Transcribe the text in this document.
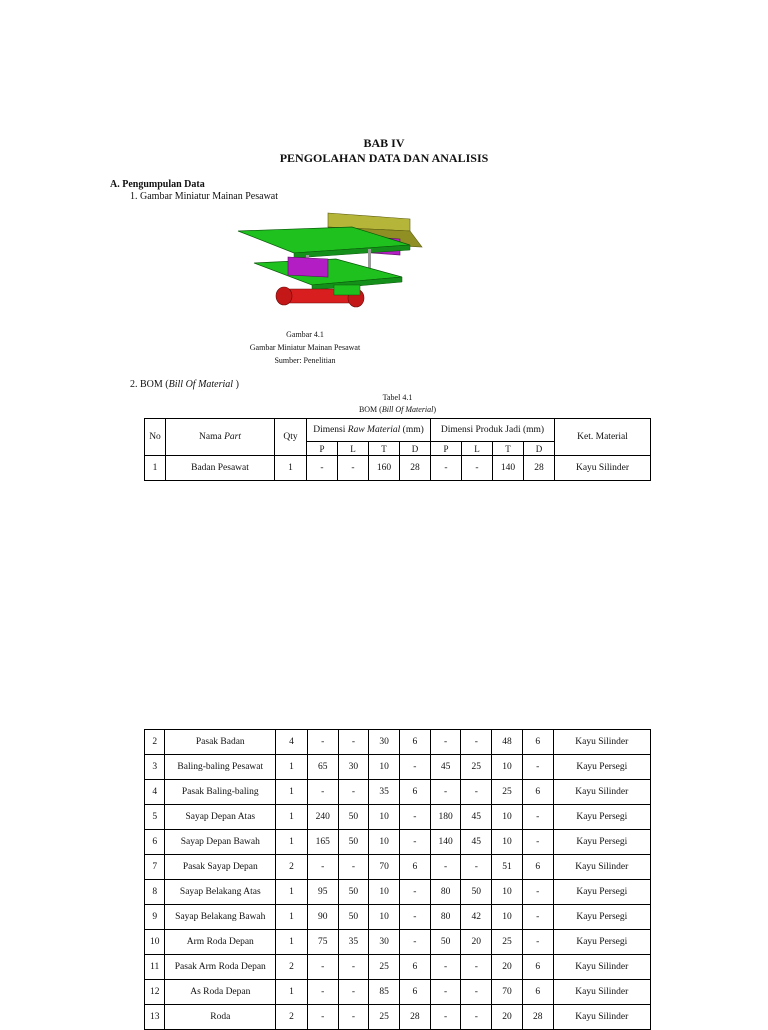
BAB IV
PENGOLAHAN DATA DAN ANALISIS
A. Pengumpulan Data
1. Gambar Miniatur Mainan Pesawat
Gambar 4.1
Gambar Miniatur Mainan Pesawat
Sumber: Penelitian
2. BOM (Bill Of Material )
Tabel 4.1
BOM (Bill Of Material)
No	Nama Part	Qty	Dimensi Raw Material (mm)				Dimensi Produk Jadi (mm)				Ket. Material
			P	L	T	D	P	L	T	D	
1	Badan Pesawat	1	-	-	160	28	-	-	140	28	Kayu Silinder
2	Pasak Badan	4	-	-	30	6	-	-	48	6	Kayu Silinder
3	Baling-baling Pesawat	1	65	30	10	-	45	25	10	-	Kayu Persegi
4	Pasak Baling-baling	1	-	-	35	6	-	-	25	6	Kayu Silinder
5	Sayap Depan Atas	1	240	50	10	-	180	45	10	-	Kayu Persegi
6	Sayap Depan Bawah	1	165	50	10	-	140	45	10	-	Kayu Persegi
7	Pasak Sayap Depan	2	-	-	70	6	-	-	51	6	Kayu Silinder
8	Sayap Belakang Atas	1	95	50	10	-	80	50	10	-	Kayu Persegi
9	Sayap Belakang Bawah	1	90	50	10	-	80	42	10	-	Kayu Persegi
10	Arm Roda Depan	1	75	35	30	-	50	20	25	-	Kayu Persegi
11	Pasak Arm Roda Depan	2	-	-	25	6	-	-	20	6	Kayu Silinder
12	As Roda Depan	1	-	-	85	6	-	-	70	6	Kayu Silinder
13	Roda	2	-	-	25	28	-	-	20	28	Kayu Silinder
